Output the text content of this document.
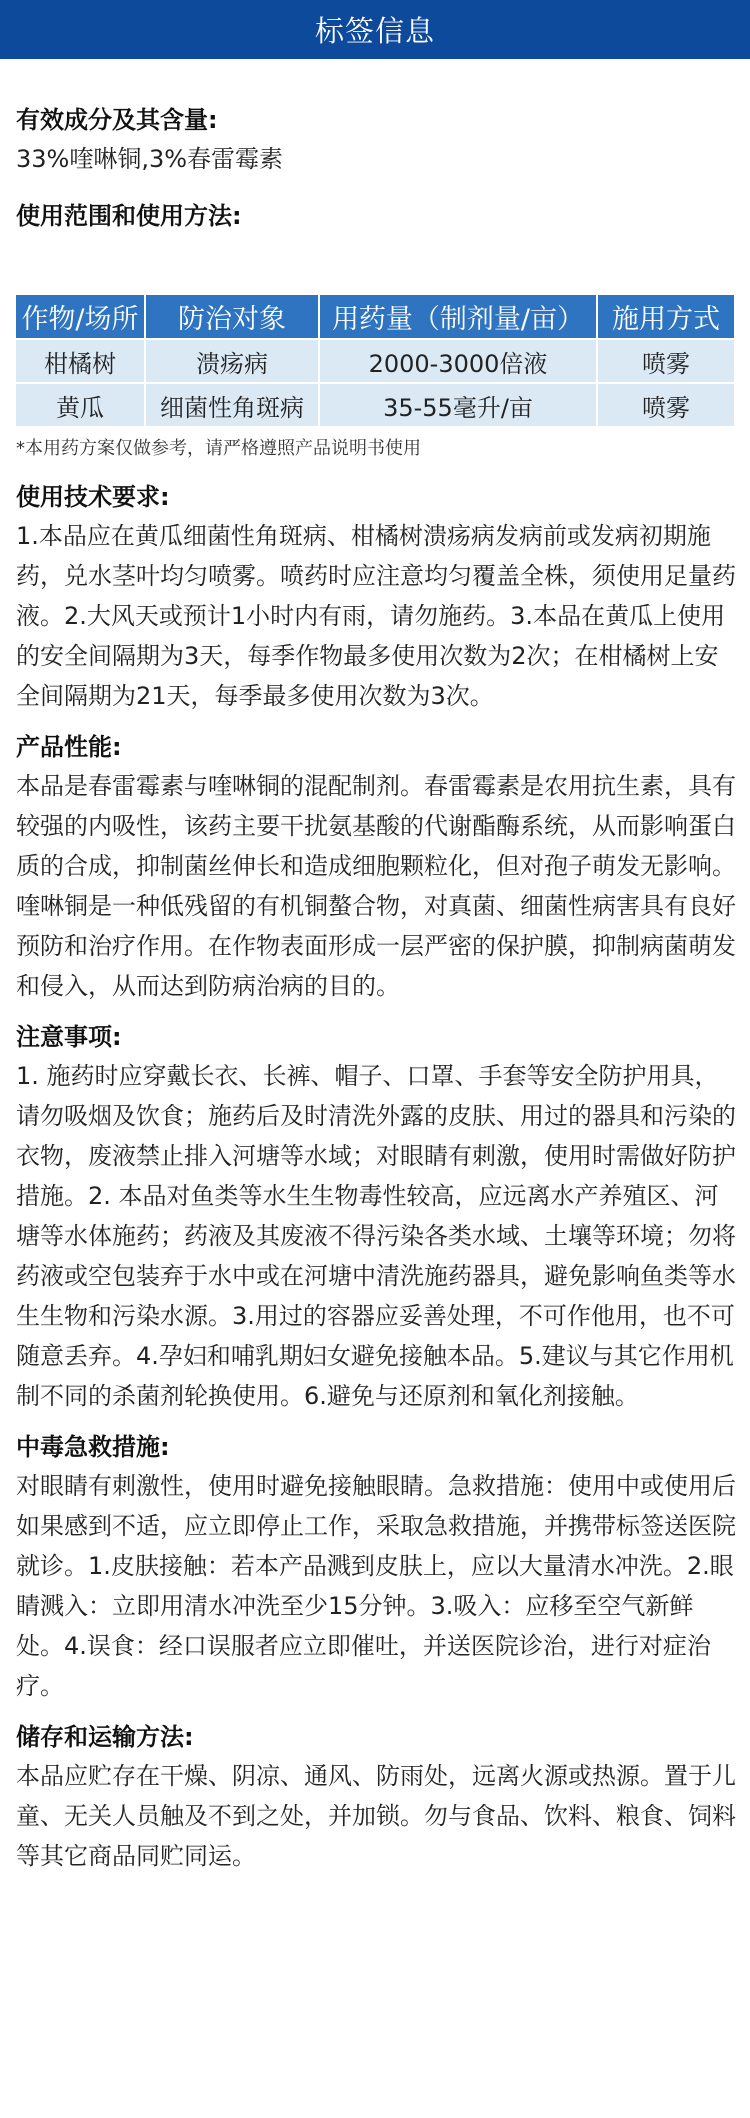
标签信息
有效成分及其含量:
33%喹啉铜,3%春雷霉素
使用范围和使用方法:
作物/场所	防治对象	用药量（制剂量/亩）	施用方式
柑橘树	溃疡病	2000-3000倍液	喷雾
黄瓜	细菌性角斑病	35-55毫升/亩	喷雾
*本用药方案仅做参考，请严格遵照产品说明书使用
使用技术要求:
1.本品应在黄瓜细菌性角斑病、柑橘树溃疡病发病前或发病初期施药，兑水茎叶均匀喷雾。喷药时应注意均匀覆盖全株，须使用足量药液。2.大风天或预计1小时内有雨，请勿施药。3.本品在黄瓜上使用的安全间隔期为3天，每季作物最多使用次数为2次；在柑橘树上安全间隔期为21天，每季最多使用次数为3次。
产品性能:
本品是春雷霉素与喹啉铜的混配制剂。春雷霉素是农用抗生素，具有较强的内吸性，该药主要干扰氨基酸的代谢酯酶系统，从而影响蛋白质的合成，抑制菌丝伸长和造成细胞颗粒化，但对孢子萌发无影响。喹啉铜是一种低残留的有机铜螯合物，对真菌、细菌性病害具有良好预防和治疗作用。在作物表面形成一层严密的保护膜，抑制病菌萌发和侵入，从而达到防病治病的目的。
注意事项:
1. 施药时应穿戴长衣、长裤、帽子、口罩、手套等安全防护用具，请勿吸烟及饮食；施药后及时清洗外露的皮肤、用过的器具和污染的衣物，废液禁止排入河塘等水域；对眼睛有刺激，使用时需做好防护措施。2. 本品对鱼类等水生生物毒性较高，应远离水产养殖区、河塘等水体施药；药液及其废液不得污染各类水域、土壤等环境；勿将药液或空包装弃于水中或在河塘中清洗施药器具，避免影响鱼类等水生生物和污染水源。3.用过的容器应妥善处理，不可作他用，也不可随意丢弃。4.孕妇和哺乳期妇女避免接触本品。5.建议与其它作用机制不同的杀菌剂轮换使用。6.避免与还原剂和氧化剂接触。
中毒急救措施:
对眼睛有刺激性，使用时避免接触眼睛。急救措施：使用中或使用后如果感到不适，应立即停止工作，采取急救措施，并携带标签送医院就诊。1.皮肤接触：若本产品溅到皮肤上，应以大量清水冲洗。2.眼睛溅入：立即用清水冲洗至少15分钟。3.吸入：应移至空气新鲜处。4.误食：经口误服者应立即催吐，并送医院诊治，进行对症治疗。
储存和运输方法:
本品应贮存在干燥、阴凉、通风、防雨处，远离火源或热源。置于儿童、无关人员触及不到之处，并加锁。勿与食品、饮料、粮食、饲料等其它商品同贮同运。
